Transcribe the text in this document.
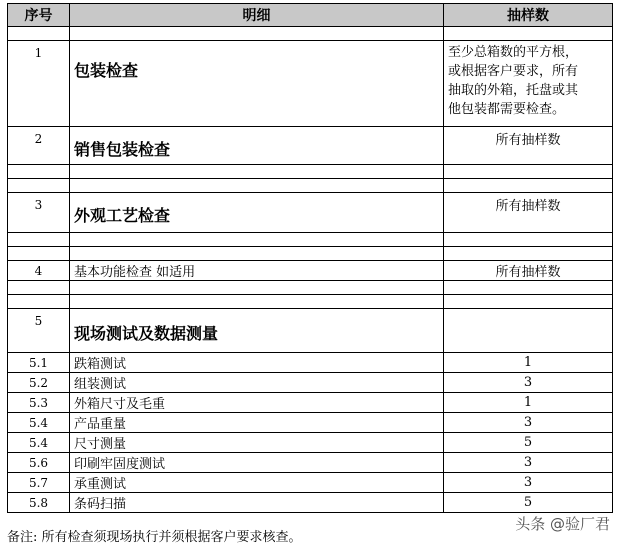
序号	明细	抽样数

1	包装检查	至少总箱数的平方根，
或根据客户要求，所有
抽取的外箱，托盘或其
他包装都需要检查。

2	销售包装检查	所有抽样数

3	外观工艺检查	所有抽样数

4	基本功能检查 如适用	所有抽样数

5	现场测试及数据测量	

5.1	跌箱测试	1
5.2	组装测试	3
5.3	外箱尺寸及毛重	1
5.4	产品重量	3
5.4	尺寸测量	5
5.6	印刷牢固度测试	3
5.7	承重测试	3
5.8	条码扫描	5
备注: 所有检查须现场执行并须根据客户要求核查。
头条 @验厂君
